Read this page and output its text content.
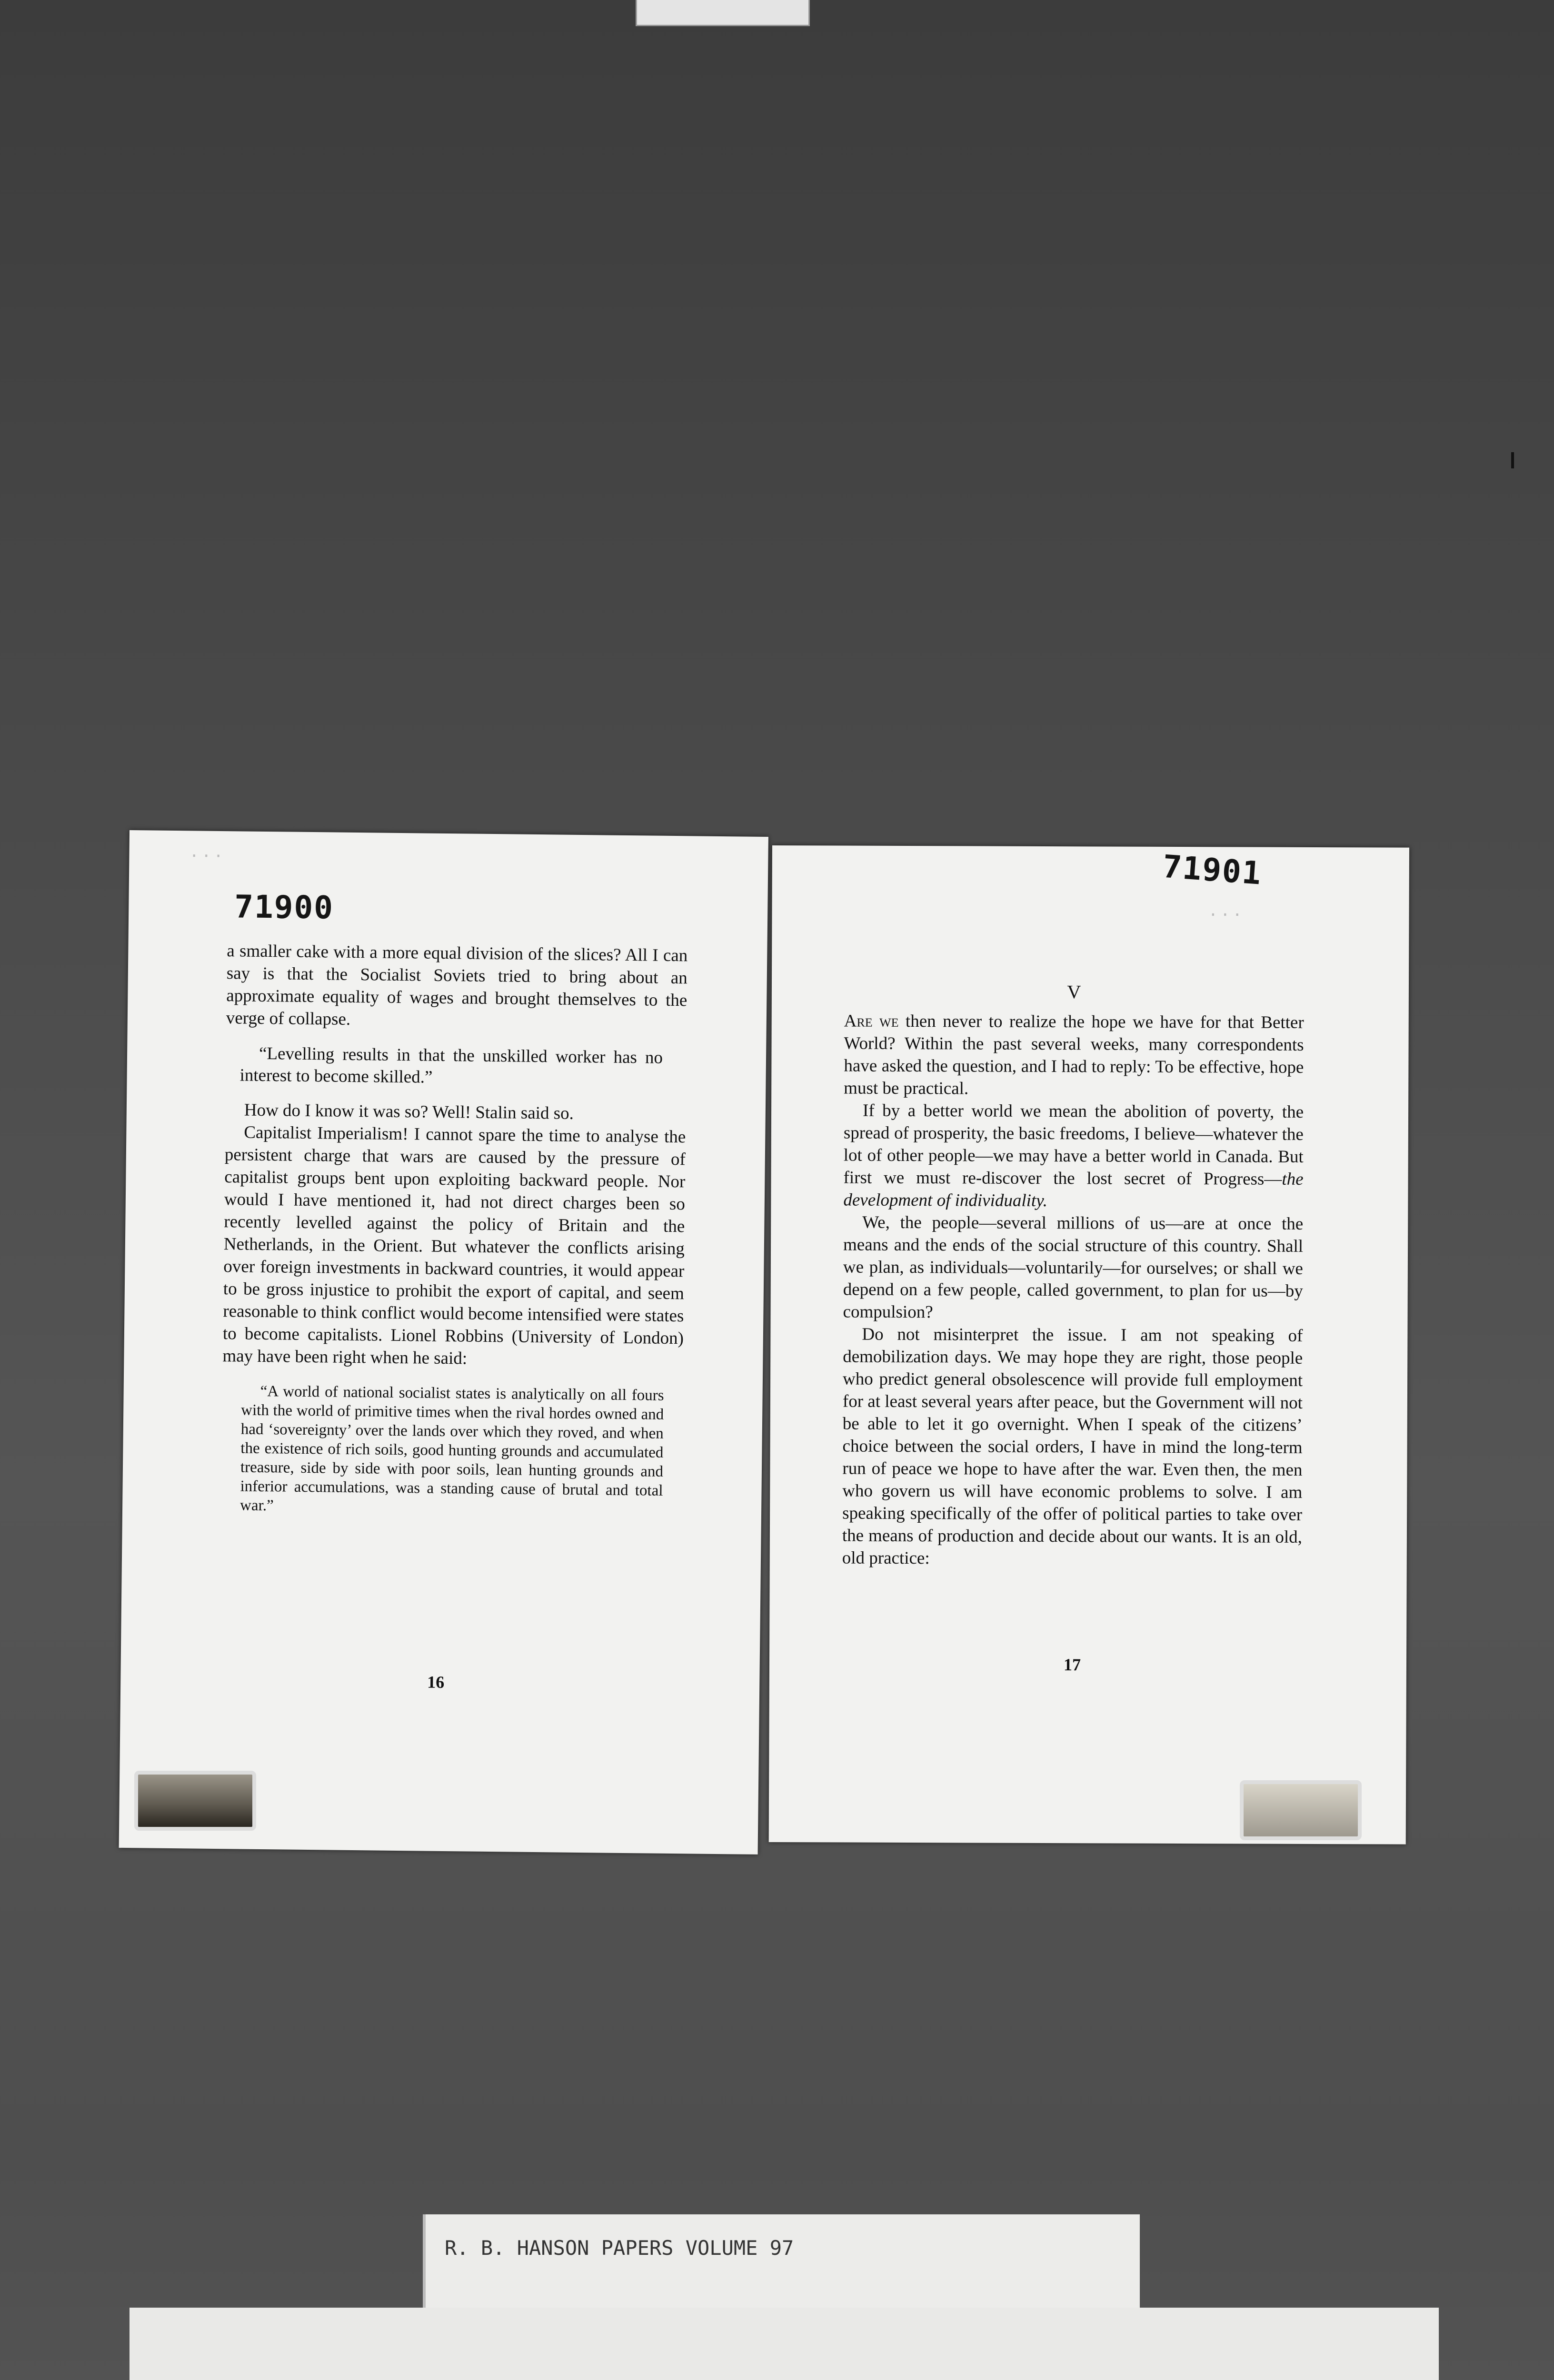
· · ·
71900

a smaller cake with a more equal division of the slices? All I can say is that the Socialist Soviets tried to bring about an approximate equality of wages and brought themselves to the verge of collapse.

“Levelling results in that the unskilled worker has no interest to become skilled.”

How do I know it was so? Well! Stalin said so.

Capitalist Imperialism! I cannot spare the time to analyse the persistent charge that wars are caused by the pressure of capitalist groups bent upon exploiting backward people. Nor would I have mentioned it, had not direct charges been so recently levelled against the policy of Britain and the Netherlands, in the Orient. But whatever the conflicts arising over foreign investments in backward countries, it would appear to be gross injustice to prohibit the export of capital, and seem reasonable to think conflict would become intensified were states to become capitalists. Lionel Robbins (University of London) may have been right when he said:

“A world of national socialist states is analytically on all fours with the world of primitive times when the rival hordes owned and had ‘sovereignty’ over the lands over which they roved, and when the existence of rich soils, good hunting grounds and accumulated treasure, side by side with poor soils, lean hunting grounds and inferior accumulations, was a standing cause of brutal and total war.”

16
71901
· · ·
V

Are we then never to realize the hope we have for that Better World? Within the past several weeks, many correspondents have asked the question, and I had to reply: To be effective, hope must be practical.

If by a better world we mean the abolition of poverty, the spread of prosperity, the basic freedoms, I believe—whatever the lot of other people—we may have a better world in Canada. But first we must re-discover the lost secret of Progress—the development of individuality.

We, the people—several millions of us—are at once the means and the ends of the social structure of this country. Shall we plan, as individuals—voluntarily—for ourselves; or shall we depend on a few people, called government, to plan for us—by compulsion?

Do not misinterpret the issue. I am not speaking of demobilization days. We may hope they are right, those people who predict general obsolescence will provide full employment for at least several years after peace, but the Government will not be able to let it go overnight. When I speak of the citizens’ choice between the social orders, I have in mind the long-term run of peace we hope to have after the war. Even then, the men who govern us will have economic problems to solve. I am speaking specifically of the offer of political parties to take over the means of production and decide about our wants. It is an old, old practice:

17
R. B. HANSON PAPERS VOLUME 97
